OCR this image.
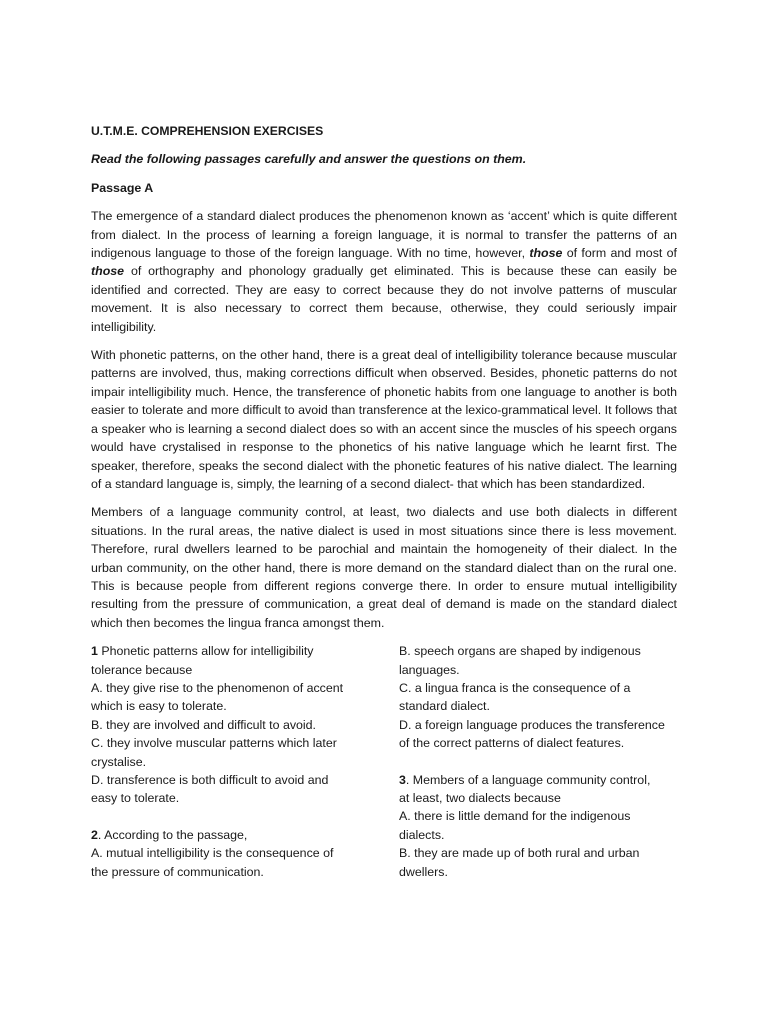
U.T.M.E. COMPREHENSION EXERCISES
Read the following passages carefully and answer the questions on them.
Passage A

The emergence of a standard dialect produces the phenomenon known as ‘accent’ which is quite different from dialect. In the process of learning a foreign language, it is normal to transfer the patterns of an indigenous language to those of the foreign language. With no time, however, those of form and most of those of orthography and phonology gradually get eliminated. This is because these can easily be identified and corrected. They are easy to correct because they do not involve patterns of muscular movement. It is also necessary to correct them because, otherwise, they could seriously impair intelligibility.

With phonetic patterns, on the other hand, there is a great deal of intelligibility tolerance because muscular patterns are involved, thus, making corrections difficult when observed. Besides, phonetic patterns do not impair intelligibility much. Hence, the transference of phonetic habits from one language to another is both easier to tolerate and more difficult to avoid than transference at the lexico-grammatical level. It follows that a speaker who is learning a second dialect does so with an accent since the muscles of his speech organs would have crystalised in response to the phonetics of his native language which he learnt first. The speaker, therefore, speaks the second dialect with the phonetic features of his native dialect. The learning of a standard language is, simply, the learning of a second dialect- that which has been standardized.

Members of a language community control, at least, two dialects and use both dialects in different situations. In the rural areas, the native dialect is used in most situations since there is less movement. Therefore, rural dwellers learned to be parochial and maintain the homogeneity of their dialect. In the urban community, on the other hand, there is more demand on the standard dialect than on the rural one. This is because people from different regions converge there. In order to ensure mutual intelligibility resulting from the pressure of communication, a great deal of demand is made on the standard dialect which then becomes the lingua franca amongst them.

1 Phonetic patterns allow for intelligibility
tolerance because
A. they give rise to the phenomenon of accent
which is easy to tolerate.
B. they are involved and difficult to avoid.
C. they involve muscular patterns which later
crystalise.
D. transference is both difficult to avoid and
easy to tolerate.
2. According to the passage,
A. mutual intelligibility is the consequence of
the pressure of communication.
B. speech organs are shaped by indigenous
languages.
C. a lingua franca is the consequence of a
standard dialect.
D. a foreign language produces the transference
of the correct patterns of dialect features.
3. Members of a language community control,
at least, two dialects because
A. there is little demand for the indigenous
dialects.
B. they are made up of both rural and urban
dwellers.
